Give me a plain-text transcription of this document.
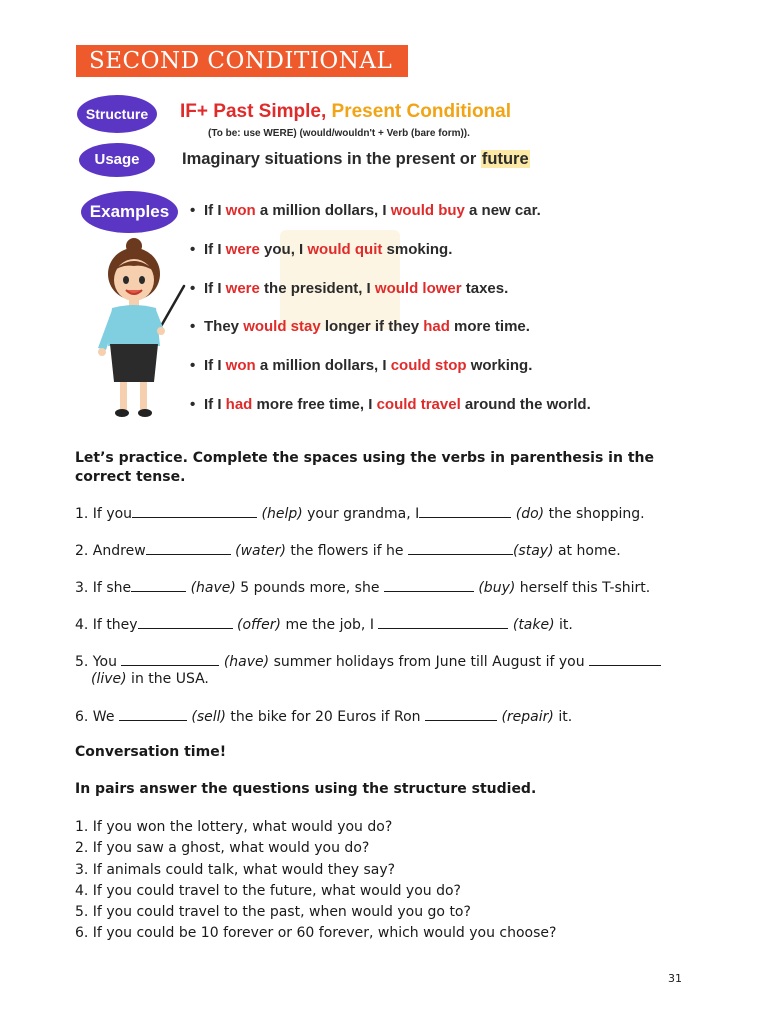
SECOND CONDITIONAL
Structure
Usage
Examples
IF+ Past Simple, Present Conditional
(To be: use WERE) (would/wouldn't + Verb (bare form)).
Imaginary situations in the present or future
• If I won a million dollars, I would buy a new car.
• If I were you, I would quit smoking.
• If I were the president, I would lower taxes.
• They would stay longer if they had more time.
• If I won a million dollars, I could stop working.
• If I had more free time, I could travel around the world.
Let’s practice. Complete the spaces using the verbs in parenthesis in the correct tense.
1. If you	(help) your grandma, I	(do) the shopping.
2. Andrew	(water) the flowers if he	(stay) at home.
3. If she	(have) 5 pounds more, she	(buy) herself this T-shirt.
4. If they	(offer) me the job, I	(take) it.
5. You	(have) summer holidays from June till August if you
(live) in the USA.
6. We	(sell) the bike for 20 Euros if Ron	(repair) it.
Conversation time!
In pairs answer the questions using the structure studied.
1. If you won the lottery, what would you do?
2. If you saw a ghost, what would you do?
3. If animals could talk, what would they say?
4. If you could travel to the future, what would you do?
5. If you could travel to the past, when would you go to?
6. If you could be 10 forever or 60 forever, which would you choose?
31
